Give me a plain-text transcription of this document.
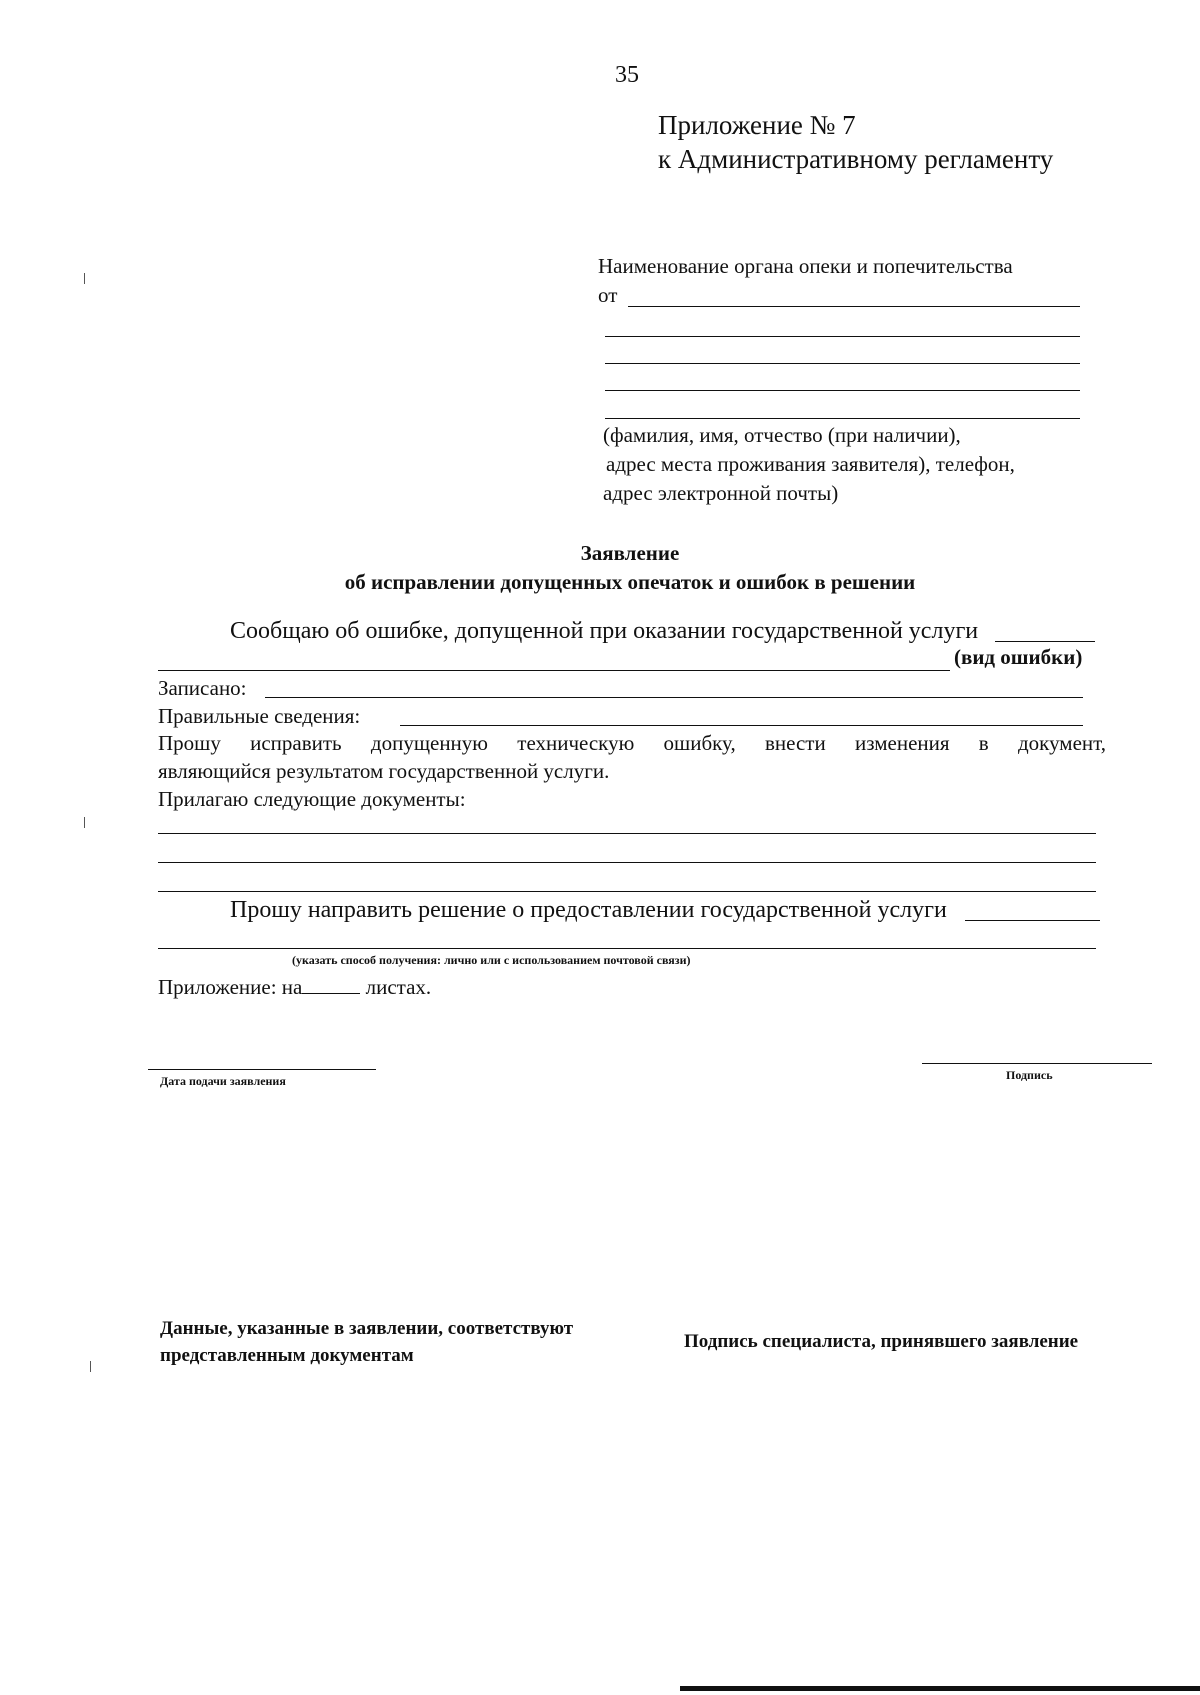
35
Приложение № 7
к Административному регламенту
Наименование органа опеки и попечительства
от
(фамилия, имя, отчество (при наличии),
адрес места проживания заявителя), телефон,
адрес электронной почты)
Заявление
об исправлении допущенных опечаток и ошибок в решении
Сообщаю об ошибке, допущенной при оказании государственной услуги
(вид ошибки)
Записано:
Правильные сведения:
Прошу исправить допущенную техническую ошибку, внести изменения в документ,
являющийся результатом государственной услуги.
Прилагаю следующие документы:
Прошу направить решение о предоставлении государственной услуги
(указать способ получения: лично или с использованием почтовой связи)
Приложение: на	листах.
Дата подачи заявления	Подпись
Данные, указанные в заявлении, соответствуют
представленным документам
Подпись специалиста, принявшего заявление
